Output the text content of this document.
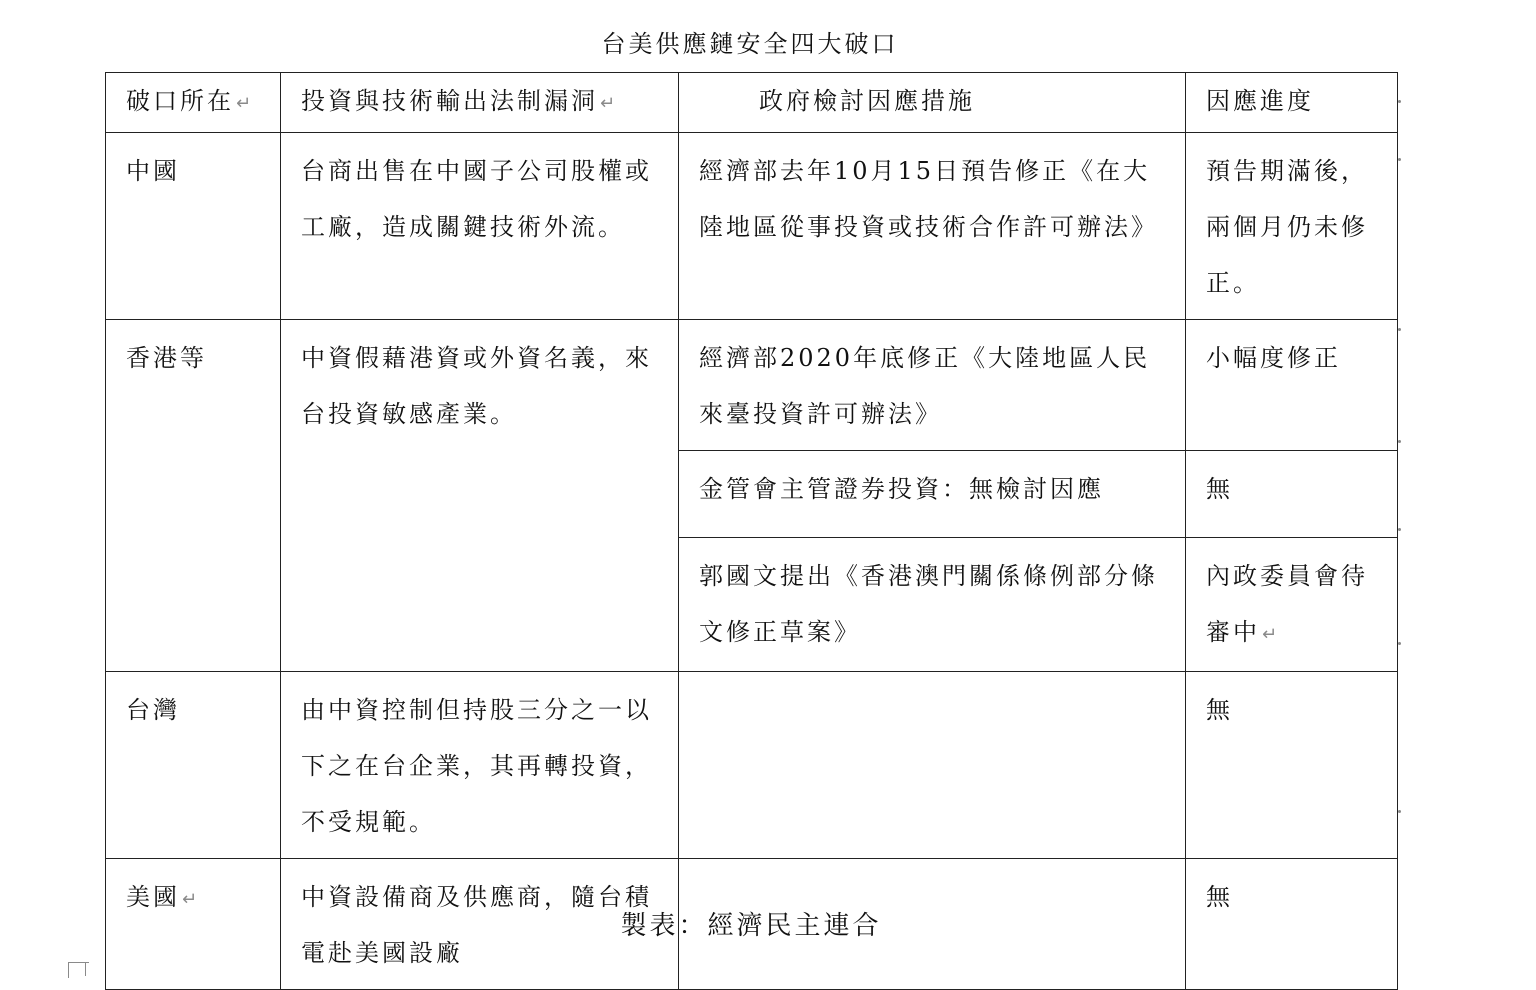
台美供應鏈安全四大破口
破口所在 ↵	投資與技術輸出法制漏洞 ↵	政府檢討因應措施	因應進度
中國	台商出售在中國子公司股權或工廠，造成關鍵技術外流。	經濟部去年10月15日預告修正《在大陸地區從事投資或技術合作許可辦法》	預告期滿後，兩個月仍未修正。
香港等	中資假藉港資或外資名義，來台投資敏感產業。	經濟部2020年底修正《大陸地區人民來臺投資許可辦法》	小幅度修正
		金管會主管證券投資：無檢討因應	無
		郭國文提出《香港澳門關係條例部分條文修正草案》	內政委員會待審中 ↵
台灣	由中資控制但持股三分之一以下之在台企業，其再轉投資，不受規範。		無
美國 ↵	中資設備商及供應商，隨台積電赴美國設廠		無
製表：經濟民主連合
